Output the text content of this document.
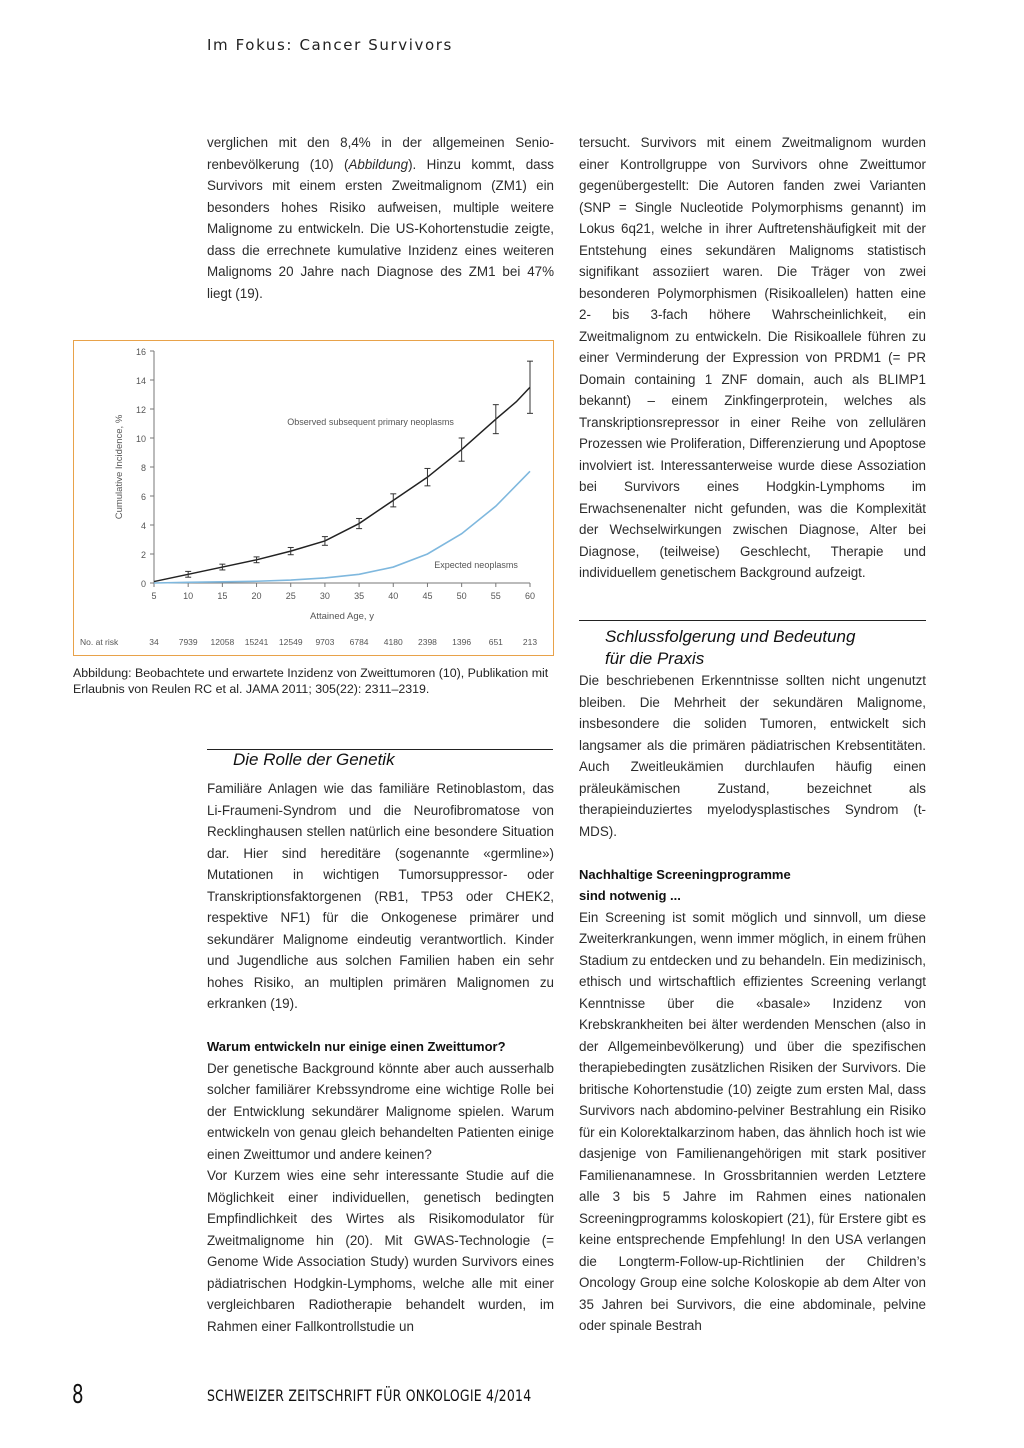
Im Fokus: Cancer Survivors

verglichen mit den 8,4% in der allgemeinen Seniorenbevölkerung (10) (Abbildung). Hinzu kommt, dass Survivors mit einem ersten Zweitmalignom (ZM1) ein besonders hohes Risiko aufweisen, multiple weitere Malignome zu entwickeln. Die US-Kohortenstudie zeigte, dass die errechnete kumulative Inzidenz eines weiteren Malignoms 20 Jahre nach Diagnose des ZM1 bei 47% liegt (19).

0
2
4
6
8
10
12
14
16
5	10	15	20	25	30	35	40	45	50	55	60
Attained Age, y
Cumulative Incidence, %
Expected neoplasms
Observed subsequent primary neoplasms
No. at risk	34 7939 12058 15241 12549 9703 6784 4180 2398 1396 651 213
Abbildung: Beobachtete und erwartete Inzidenz von Zweittumoren (10), Publikation mit Erlaubnis von Reulen RC et al. JAMA 2011; 305(22): 2311–2319.
Die Rolle der Genetik

Familiäre Anlagen wie das familiäre Retinoblastom, das Li-Fraumeni-Syndrom und die Neurofibromatose von Recklinghausen stellen natürlich eine besondere Situation dar. Hier sind hereditäre (sogenannte «germline») Mutationen in wichtigen Tumorsuppressor- oder Transkriptionsfaktorgenen (RB1, TP53 oder CHEK2, respektive NF1) für die Onkogenese primärer und sekundärer Malignome eindeutig verantwortlich. Kinder und Jugendliche aus solchen Familien haben ein sehr hohes Risiko, an multiplen primären Malignomen zu erkranken (19).

Warum entwickeln nur einige einen Zweittumor?

Der genetische Background könnte aber auch ausserhalb solcher familiärer Krebssyndrome eine wichtige Rolle bei der Entwicklung sekundärer Malignome spielen. Warum entwickeln von genau gleich behandelten Patienten einige einen Zweittumor und andere keinen?

Vor Kurzem wies eine sehr interessante Studie auf die Möglichkeit einer individuellen, genetisch bedingten Empfindlichkeit des Wirtes als Risikomodulator für Zweitmalignome hin (20). Mit GWAS-Technologie (= Genome Wide Association Study) wurden Survivors eines pädiatrischen Hodgkin-Lymphoms, welche alle mit einer vergleichbaren Radiotherapie behandelt wurden, im Rahmen einer Fallkontrollstudie un

tersucht. Survivors mit einem Zweitmalignom wurden einer Kontrollgruppe von Survivors ohne Zweittumor gegenübergestellt: Die Autoren fanden zwei Varianten (SNP = Single Nucleotide Polymorphisms genannt) im Lokus 6q21, welche in ihrer Auftretenshäufigkeit mit der Entstehung eines sekundären Malignoms statistisch signifikant assoziiert waren. Die Träger von zwei besonderen Polymorphismen (Risikoallelen) hatten eine 2- bis 3-fach höhere Wahrscheinlichkeit, ein Zweitmalignom zu entwickeln. Die Risikoallele führen zu einer Verminderung der Expression von PRDM1 (= PR Domain containing 1 ZNF domain, auch als BLIMP1 bekannt) – einem Zinkfingerprotein, welches als Transkriptionsrepressor in einer Reihe von zellulären Prozessen wie Proliferation, Differenzierung und Apoptose involviert ist. Interessanterweise wurde diese Assoziation bei Survivors eines Hodgkin-Lymphoms im Erwachsenenalter nicht gefunden, was die Komplexität der Wechselwirkungen zwischen Diagnose, Alter bei Diagnose, (teilweise) Geschlecht, Therapie und individuellem genetischem Background aufzeigt.

Schlussfolgerung und Bedeutung
für die Praxis

Die beschriebenen Erkenntnisse sollten nicht ungenutzt bleiben. Die Mehrheit der sekundären Malignome, insbesondere die soliden Tumoren, entwickelt sich langsamer als die primären pädiatrischen Krebsentitäten. Auch Zweitleukämien durchlaufen häufig einen präleukämischen Zustand, bezeichnet als therapieinduziertes myelodysplastisches Syndrom (t-MDS).

Nachhaltige Screeningprogramme

sind notwenig ...

Ein Screening ist somit möglich und sinnvoll, um diese Zweiterkrankungen, wenn immer möglich, in einem frühen Stadium zu entdecken und zu behandeln. Ein medizinisch, ethisch und wirtschaftlich effizientes Screening verlangt Kenntnisse über die «basale» Inzidenz von Krebskrankheiten bei älter werdenden Menschen (also in der Allgemeinbevölkerung) und über die spezifischen therapiebedingten zusätzlichen Risiken der Survivors. Die britische Kohortenstudie (10) zeigte zum ersten Mal, dass Survivors nach abdomino-pelviner Bestrahlung ein Risiko für ein Kolorektalkarzinom haben, das ähnlich hoch ist wie dasjenige von Familienangehörigen mit stark positiver Familienanamnese. In Grossbritannien werden Letztere alle 3 bis 5 Jahre im Rahmen eines nationalen Screeningprogramms koloskopiert (21), für Erstere gibt es keine entsprechende Empfehlung! In den USA verlangen die Longterm-Follow-up-Richtlinien der Children’s Oncology Group eine solche Koloskopie ab dem Alter von 35 Jahren bei Survivors, die eine abdominale, pelvine oder spinale Bestrah

8	SCHWEIZER ZEITSCHRIFT FÜR ONKOLOGIE 4/2014
